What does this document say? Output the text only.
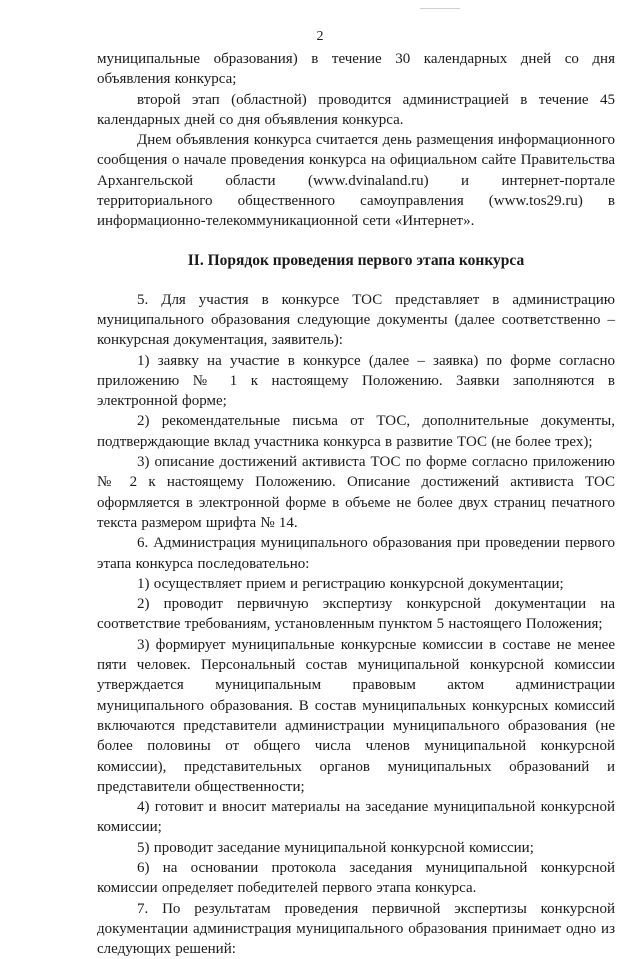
2

муниципальные образования) в течение 30 календарных дней со дня объявления конкурса;

второй этап (областной) проводится администрацией в течение 45 календарных дней со дня объявления конкурса.

Днем объявления конкурса считается день размещения информационного сообщения о начале проведения конкурса на официальном сайте Правительства Архангельской области (www.dvinaland.ru) и интернет-портале территориального общественного самоуправления (www.tos29.ru) в информационно-телекоммуникационной сети «Интернет».

II. Порядок проведения первого этапа конкурса

5. Для участия в конкурсе ТОС представляет в администрацию муниципального образования следующие документы (далее соответственно – конкурсная документация, заявитель):

1) заявку на участие в конкурсе (далее – заявка) по форме согласно приложению № 1 к настоящему Положению. Заявки заполняются в электронной форме;

2) рекомендательные письма от ТОС, дополнительные документы, подтверждающие вклад участника конкурса в развитие ТОС (не более трех);

3) описание достижений активиста ТОС по форме согласно приложению № 2 к настоящему Положению. Описание достижений активиста ТОС оформляется в электронной форме в объеме не более двух страниц печатного текста размером шрифта № 14.

6. Администрация муниципального образования при проведении первого этапа конкурса последовательно:

1) осуществляет прием и регистрацию конкурсной документации;

2) проводит первичную экспертизу конкурсной документации на соответствие требованиям, установленным пунктом 5 настоящего Положения;

3) формирует муниципальные конкурсные комиссии в составе не менее пяти человек. Персональный состав муниципальной конкурсной комиссии утверждается муниципальным правовым актом администрации муниципального образования. В состав муниципальных конкурсных комиссий включаются представители администрации муниципального образования (не более половины от общего числа членов муниципальной конкурсной комиссии), представительных органов муниципальных образований и представители общественности;

4) готовит и вносит материалы на заседание муниципальной конкурсной комиссии;

5) проводит заседание муниципальной конкурсной комиссии;

6) на основании протокола заседания муниципальной конкурсной комиссии определяет победителей первого этапа конкурса.

7. По результатам проведения первичной экспертизы конкурсной документации администрация муниципального образования принимает одно из следующих решений:
